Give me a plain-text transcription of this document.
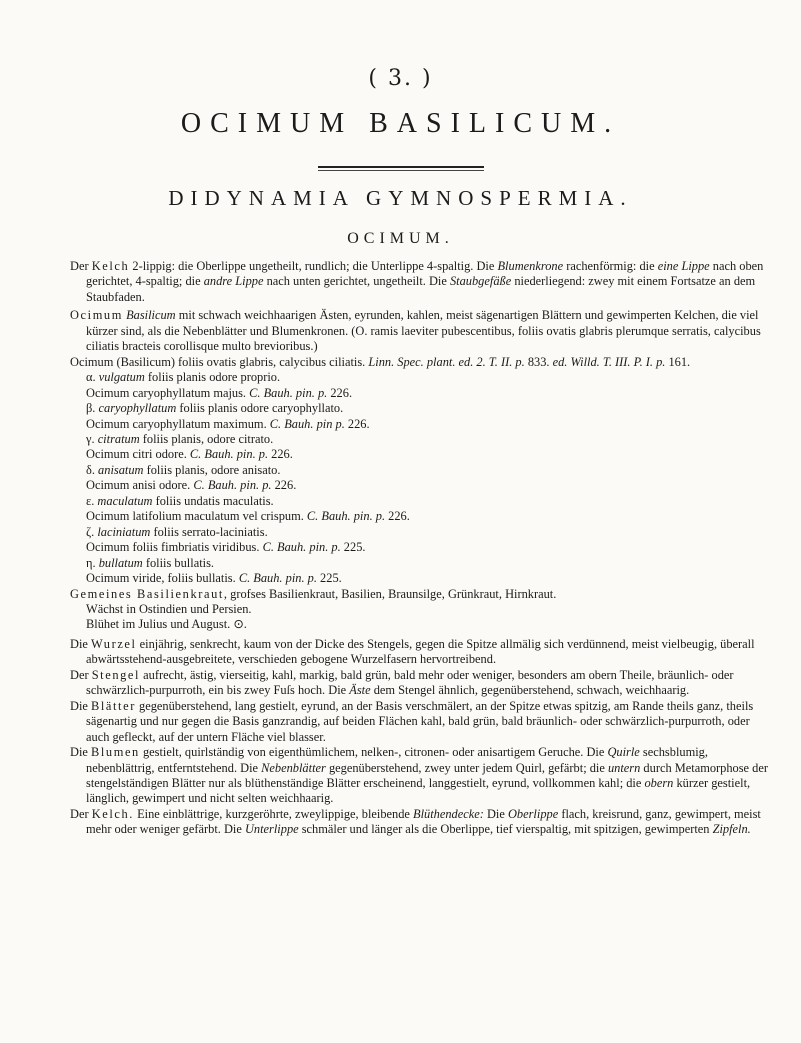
( 3. )
OCIMUM BASILICUM.
DIDYNAMIA GYMNOSPERMIA.
OCIMUM.

Der Kelch 2-lippig: die Oberlippe ungetheilt, rundlich; die Unterlippe 4-spaltig. Die Blumenkrone rachenförmig: die eine Lippe nach oben gerichtet, 4-spaltig; die andre Lippe nach unten gerichtet, ungetheilt. Die Staubgefäße niederliegend: zwey mit einem Fortsatze an dem Staubfaden.

Ocimum Basilicum mit schwach weichhaarigen Ästen, eyrunden, kahlen, meist sägenartigen Blättern und gewimperten Kelchen, die viel kürzer sind, als die Nebenblätter und Blumenkronen. (O. ramis laeviter pubescentibus, foliis ovatis glabris plerumque serratis, calycibus ciliatis bracteis corollisque multo brevioribus.)

Ocimum (Basilicum) foliis ovatis glabris, calycibus ciliatis. Linn. Spec. plant. ed. 2. T. II. p. 833. ed. Willd. T. III. P. I. p. 161.

α. vulgatum foliis planis odore proprio.

Ocimum caryophyllatum majus. C. Bauh. pin. p. 226.

β. caryophyllatum foliis planis odore caryophyllato.

Ocimum caryophyllatum maximum. C. Bauh. pin p. 226.

γ. citratum foliis planis, odore citrato.

Ocimum citri odore. C. Bauh. pin. p. 226.

δ. anisatum foliis planis, odore anisato.

Ocimum anisi odore. C. Bauh. pin. p. 226.

ε. maculatum foliis undatis maculatis.

Ocimum latifolium maculatum vel crispum. C. Bauh. pin. p. 226.

ζ. laciniatum foliis serrato-laciniatis.

Ocimum foliis fimbriatis viridibus. C. Bauh. pin. p. 225.

η. bullatum foliis bullatis.

Ocimum viride, foliis bullatis. C. Bauh. pin. p. 225.

Gemeines Basilienkraut, grofses Basilienkraut, Basilien, Braunsilge, Grünkraut, Hirnkraut.

Wächst in Ostindien und Persien.

Blühet im Julius und August. ⊙.

Die Wurzel einjährig, senkrecht, kaum von der Dicke des Stengels, gegen die Spitze allmälig sich verdünnend, meist vielbeugig, überall abwärtsstehend-ausgebreitete, verschieden gebogene Wurzelfasern hervortreibend.

Der Stengel aufrecht, ästig, vierseitig, kahl, markig, bald grün, bald mehr oder weniger, besonders am obern Theile, bräunlich- oder schwärzlich-purpurroth, ein bis zwey Fuſs hoch. Die Äste dem Stengel ähnlich, gegenüberstehend, schwach, weichhaarig.

Die Blätter gegenüberstehend, lang gestielt, eyrund, an der Basis verschmälert, an der Spitze etwas spitzig, am Rande theils ganz, theils sägenartig und nur gegen die Basis ganzrandig, auf beiden Flächen kahl, bald grün, bald bräunlich- oder schwärzlich-purpurroth, oder auch gefleckt, auf der untern Fläche viel blasser.

Die Blumen gestielt, quirlständig von eigenthümlichem, nelken-, citronen- oder anisartigem Geruche. Die Quirle sechsblumig, nebenblättrig, entferntstehend. Die Nebenblätter gegenüberstehend, zwey unter jedem Quirl, gefärbt; die untern durch Metamorphose der stengelständigen Blätter nur als blüthenständige Blätter erscheinend, langgestielt, eyrund, vollkommen kahl; die obern kürzer gestielt, länglich, gewimpert und nicht selten weichhaarig.

Der Kelch. Eine einblättrige, kurzgeröhrte, zweylippige, bleibende Blüthendecke: Die Oberlippe flach, kreisrund, ganz, gewimpert, meist mehr oder weniger gefärbt. Die Unterlippe schmäler und länger als die Oberlippe, tief vierspaltig, mit spitzigen, gewimperten Zipfeln.
